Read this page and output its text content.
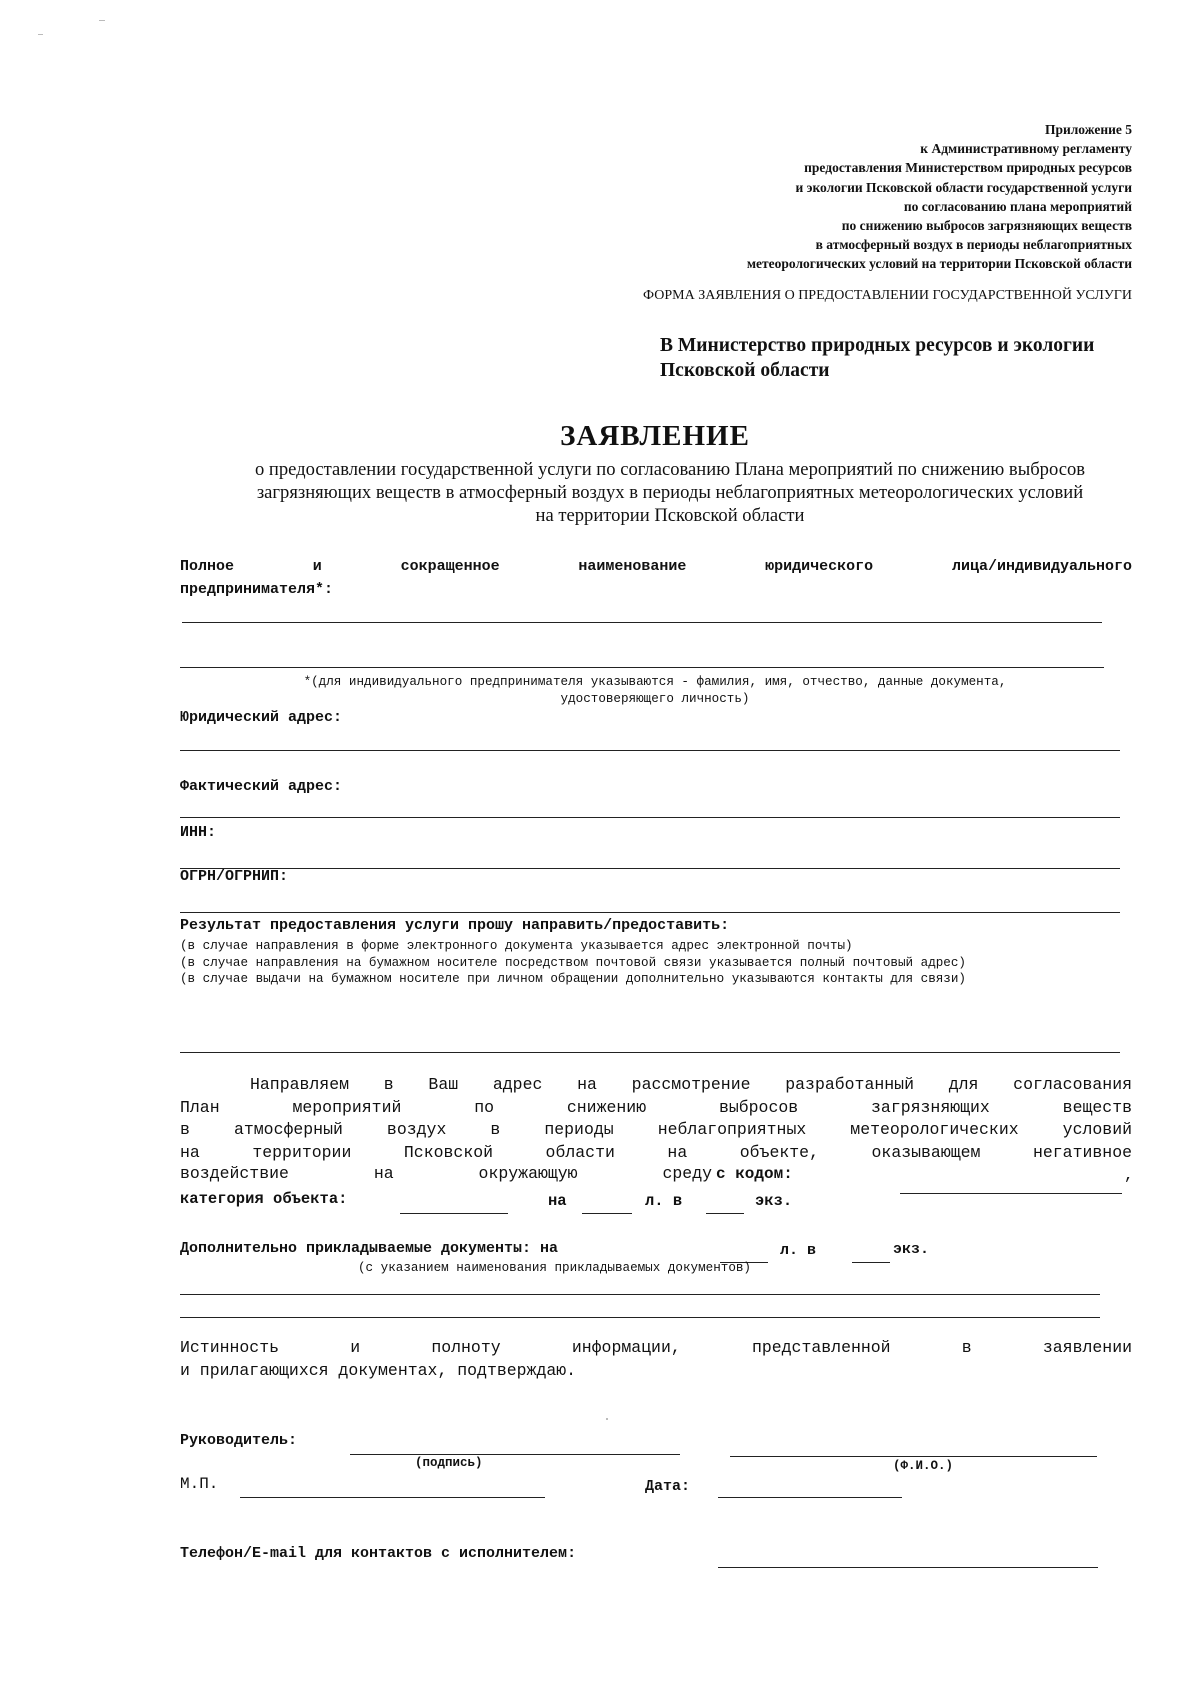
Приложение 5
к Административному регламенту
предоставления Министерством природных ресурсов
и экологии Псковской области государственной услуги
по согласованию плана мероприятий
по снижению выбросов загрязняющих веществ
в атмосферный воздух в периоды неблагоприятных
метеорологических условий на территории Псковской области
ФОРМА ЗАЯВЛЕНИЯ О ПРЕДОСТАВЛЕНИИ ГОСУДАРСТВЕННОЙ УСЛУГИ
В Министерство природных ресурсов и экологии
Псковской области
ЗАЯВЛЕНИЕ
о предоставлении государственной услуги по согласованию Плана мероприятий по снижению выбросов
загрязняющих веществ в атмосферный воздух в периоды неблагоприятных метеорологических условий
на территории Псковской области
Полное и сокращенное наименование юридического лица/индивидуального
предпринимателя*:
*(для индивидуального предпринимателя указываются - фамилия, имя, отчество, данные документа,
удостоверяющего личность)
Юридический адрес:
Фактический адрес:
ИНН:
ОГРН/ОГРНИП:
Результат предоставления услуги прошу направить/предоставить:
(в случае направления в форме электронного документа указывается адрес электронной почты)
(в случае направления на бумажном носителе посредством почтовой связи указывается полный почтовый адрес)
(в случае выдачи на бумажном носителе при личном обращении дополнительно указываются контакты для связи)
Направляем в Ваш адрес на рассмотрение разработанный для согласования
План мероприятий по снижению выбросов загрязняющих веществ
в атмосферный воздух в периоды неблагоприятных метеорологических условий
на территории Псковской области на объекте, оказывающем негативное
воздействие на окружающую среду с кодом:	,
категория объекта:	на	л. в	экз.
Дополнительно прикладываемые документы: на	л. в	экз.
(с указанием наименования прикладываемых документов)
Истинность и полноту информации, представленной в заявлении
и прилагающихся документах, подтверждаю.
Руководитель:
(подпись)	(Ф.И.О.)
М.П.	Дата:
Телефон/E-mail для контактов с исполнителем:
